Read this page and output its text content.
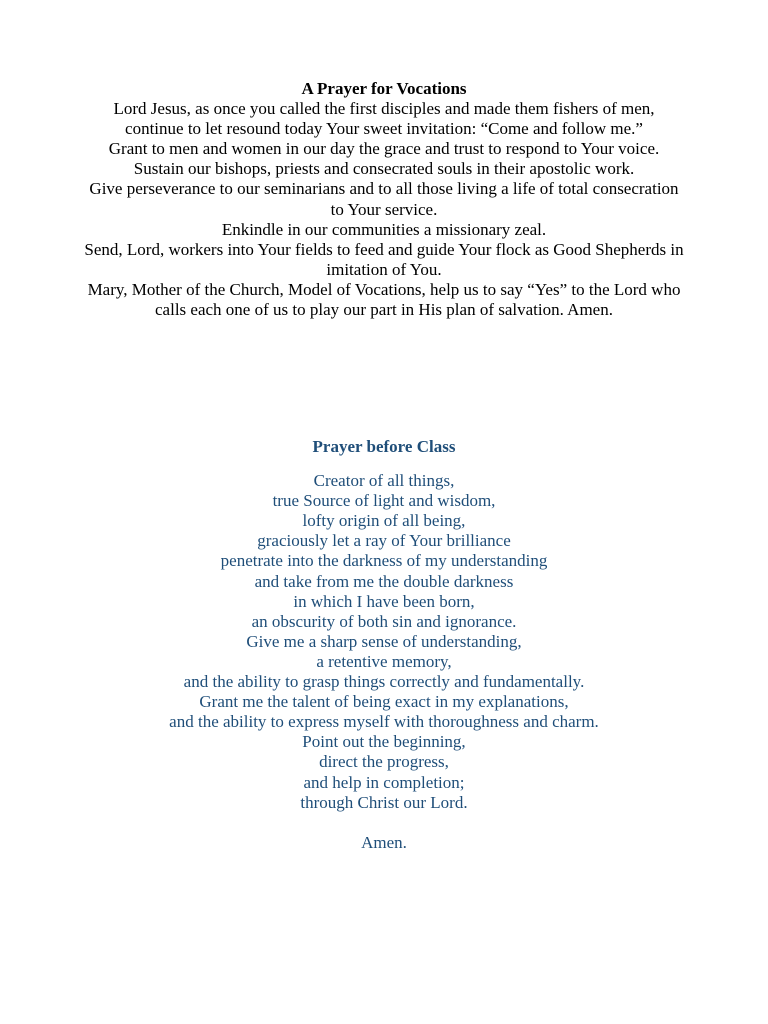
A Prayer for Vocations

Lord Jesus, as once you called the first disciples and made them fishers of men, continue to let resound today Your sweet invitation: “Come and follow me.”

Grant to men and women in our day the grace and trust to respond to Your voice.

Sustain our bishops, priests and consecrated souls in their apostolic work.

Give perseverance to our seminarians and to all those living a life of total consecration to Your service.

Enkindle in our communities a missionary zeal.

Send, Lord, workers into Your fields to feed and guide Your flock as Good Shepherds in imitation of You.

Mary, Mother of the Church, Model of Vocations, help us to say “Yes” to the Lord who calls each one of us to play our part in His plan of salvation. Amen.

Prayer before Class

Creator of all things,
true Source of light and wisdom,
lofty origin of all being,
graciously let a ray of Your brilliance
penetrate into the darkness of my understanding
and take from me the double darkness
in which I have been born,
an obscurity of both sin and ignorance.
Give me a sharp sense of understanding,
a retentive memory,
and the ability to grasp things correctly and fundamentally.
Grant me the talent of being exact in my explanations,
and the ability to express myself with thoroughness and charm.
Point out the beginning,
direct the progress,
and help in completion;
through Christ our Lord.
Amen.
